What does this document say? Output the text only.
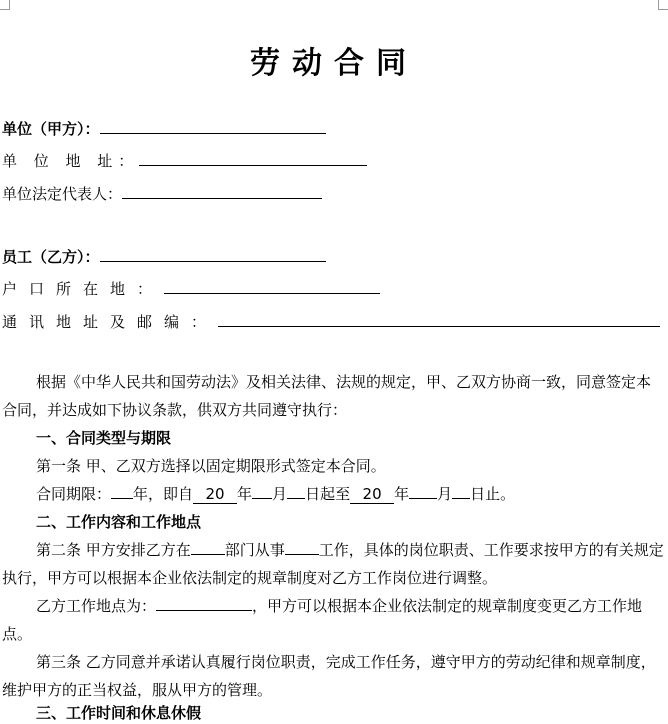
劳动合同
单位（甲方）：
单 位 地 址：
单位法定代表人：
员工（乙方）：
户口所在地：
通讯地址及邮编：
根据《中华人民共和国劳动法》及相关法律、法规的规定，甲、乙双方协商一致，同意签定本合同，并达成如下协议条款，供双方共同遵守执行：
一、合同类型与期限
第一条 甲、乙双方选择以固定期限形式签定本合同。
合同期限： 年，即自 20 年 月 日起至 20 年 月 日止。
二、工作内容和工作地点
第二条 甲方安排乙方在 部门从事 工作，具体的岗位职责、工作要求按甲方的有关规定执行，甲方可以根据本企业依法制定的规章制度对乙方工作岗位进行调整。
乙方工作地点为：	，甲方可以根据本企业依法制定的规章制度变更乙方工作地点。
第三条 乙方同意并承诺认真履行岗位职责，完成工作任务，遵守甲方的劳动纪律和规章制度，维护甲方的正当权益，服从甲方的管理。
三、工作时间和休息休假
